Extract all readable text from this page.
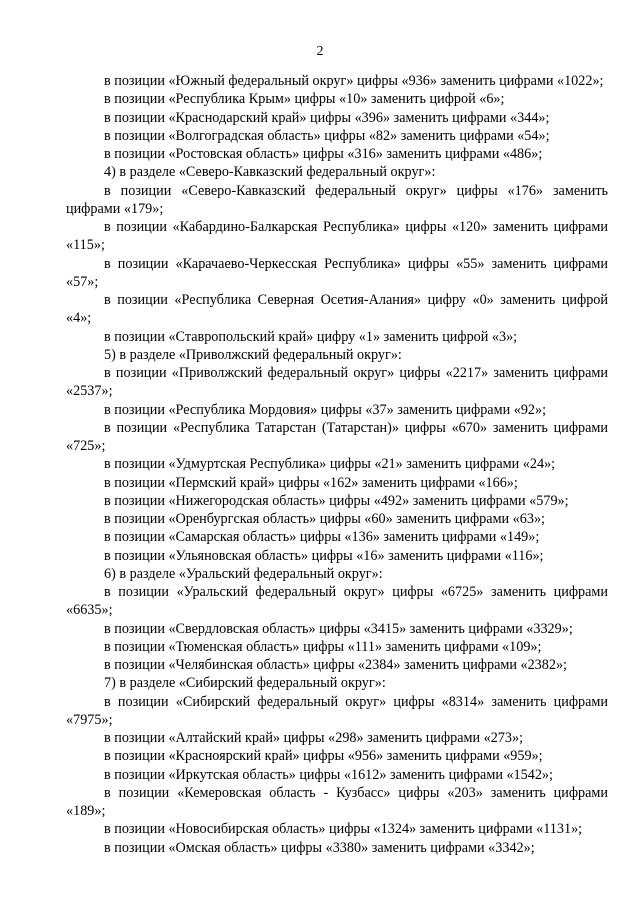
2

в позиции «Южный федеральный округ» цифры «936» заменить цифрами «1022»;

в позиции «Республика Крым» цифры «10» заменить цифрой «6»;

в позиции «Краснодарский край» цифры «396» заменить цифрами «344»;

в позиции «Волгоградская область» цифры «82» заменить цифрами «54»;

в позиции «Ростовская область» цифры «316» заменить цифрами «486»;

4) в разделе «Северо-Кавказский федеральный округ»:

в позиции «Северо-Кавказский федеральный округ» цифры «176» заменить цифрами «179»;

в позиции «Кабардино-Балкарская Республика» цифры «120» заменить цифрами «115»;

в позиции «Карачаево-Черкесская Республика» цифры «55» заменить цифрами «57»;

в позиции «Республика Северная Осетия-Алания» цифру «0» заменить цифрой «4»;

в позиции «Ставропольский край» цифру «1» заменить цифрой «3»;

5) в разделе «Приволжский федеральный округ»:

в позиции «Приволжский федеральный округ» цифры «2217» заменить цифрами «2537»;

в позиции «Республика Мордовия» цифры «37» заменить цифрами «92»;

в позиции «Республика Татарстан (Татарстан)» цифры «670» заменить цифрами «725»;

в позиции «Удмуртская Республика» цифры «21» заменить цифрами «24»;

в позиции «Пермский край» цифры «162» заменить цифрами «166»;

в позиции «Нижегородская область» цифры «492» заменить цифрами «579»;

в позиции «Оренбургская область» цифры «60» заменить цифрами «63»;

в позиции «Самарская область» цифры «136» заменить цифрами «149»;

в позиции «Ульяновская область» цифры «16» заменить цифрами «116»;

6) в разделе «Уральский федеральный округ»:

в позиции «Уральский федеральный округ» цифры «6725» заменить цифрами «6635»;

в позиции «Свердловская область» цифры «3415» заменить цифрами «3329»;

в позиции «Тюменская область» цифры «111» заменить цифрами «109»;

в позиции «Челябинская область» цифры «2384» заменить цифрами «2382»;

7) в разделе «Сибирский федеральный округ»:

в позиции «Сибирский федеральный округ» цифры «8314» заменить цифрами «7975»;

в позиции «Алтайский край» цифры «298» заменить цифрами «273»;

в позиции «Красноярский край» цифры «956» заменить цифрами «959»;

в позиции «Иркутская область» цифры «1612» заменить цифрами «1542»;

в позиции «Кемеровская область - Кузбасс» цифры «203» заменить цифрами «189»;

в позиции «Новосибирская область» цифры «1324» заменить цифрами «1131»;

в позиции «Омская область» цифры «3380» заменить цифрами «3342»;
